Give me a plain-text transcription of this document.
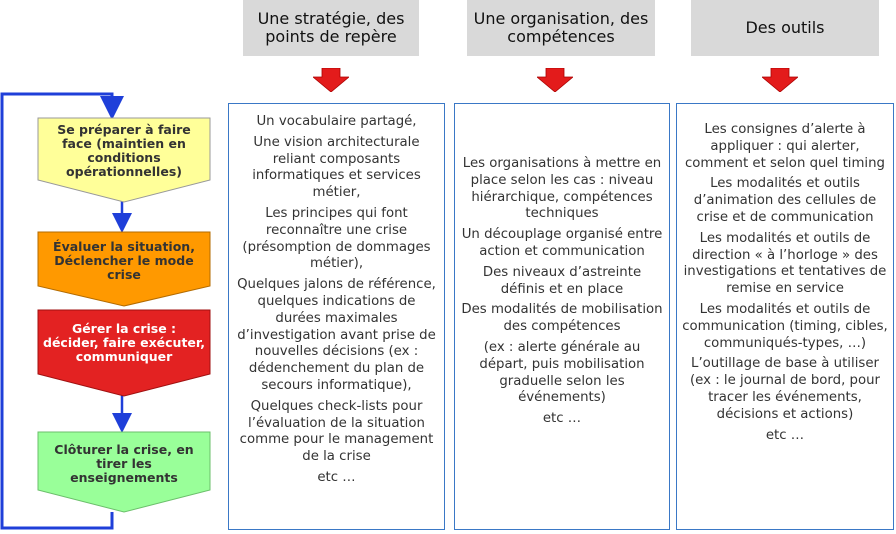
Une stratégie, des points de repère
Une organisation, des compétences	Des outils

Un vocabulaire partagé,

Une vision architecturale reliant composants informatiques et services métier,

Les principes qui font reconnaître une crise (présomption de dommages métier),

Quelques jalons de référence, quelques indications de durées maximales d’investigation avant prise de nouvelles décisions (ex : dédenchement du plan de secours informatique),

Quelques check-lists pour l’évaluation de la situation comme pour le management de la crise

etc …

Les organisations à mettre en place selon les cas : niveau hiérarchique, compétences techniques

Un découplage organisé entre action et communication

Des niveaux d’astreinte définis et en place

Des modalités de mobilisation des compétences

(ex : alerte générale au départ, puis mobilisation graduelle selon les événements)

etc …

Les consignes d’alerte à appliquer : qui alerter, comment et selon quel timing

Les modalités et outils d’animation des cellules de crise et de communication

Les modalités et outils de direction « à l’horloge » des investigations et tentatives de remise en service

Les modalités et outils de communication (timing, cibles, communiqués-types, …)

L’outillage de base à utiliser (ex : le journal de bord, pour tracer les événements, décisions et actions)

etc …

Se préparer à faire face (maintien en conditions opérationnelles)
Évaluer la situation, Déclencher le mode crise
Gérer la crise : décider, faire exécuter, communiquer
Clôturer la crise, en tirer les enseignements
